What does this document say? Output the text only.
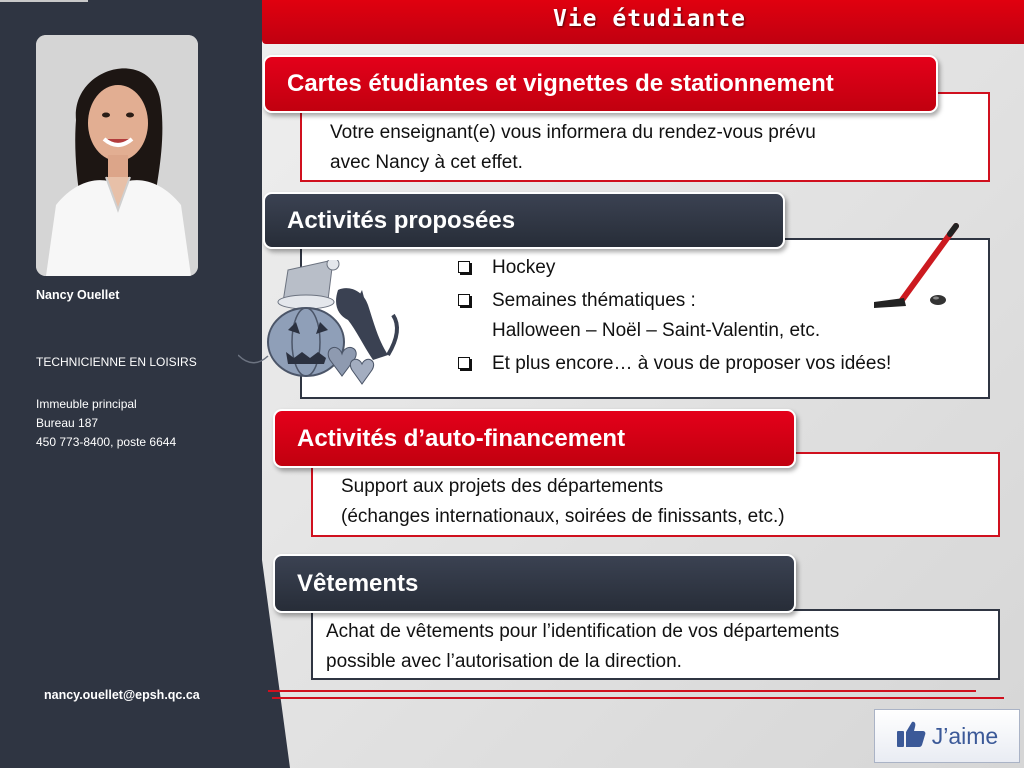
Nancy Ouellet
TECHNICIENNE EN LOISIRS
Immeuble principal
Bureau 187
450 773-8400, poste 6644
nancy.ouellet@epsh.qc.ca
Vie étudiante
Cartes étudiantes et vignettes de stationnement
Votre enseignant(e) vous informera du rendez-vous prévu
avec Nancy à cet effet.
Activités proposées
Hockey
Semaines thématiques :
Halloween – Noël – Saint-Valentin, etc.
Et plus encore… à vous de proposer vos idées!
Activités d’auto-financement
Support aux projets des départements
(échanges internationaux, soirées de finissants, etc.)
Vêtements
Achat de vêtements pour l’identification de vos départements
possible avec l’autorisation de la direction.
J’aime
